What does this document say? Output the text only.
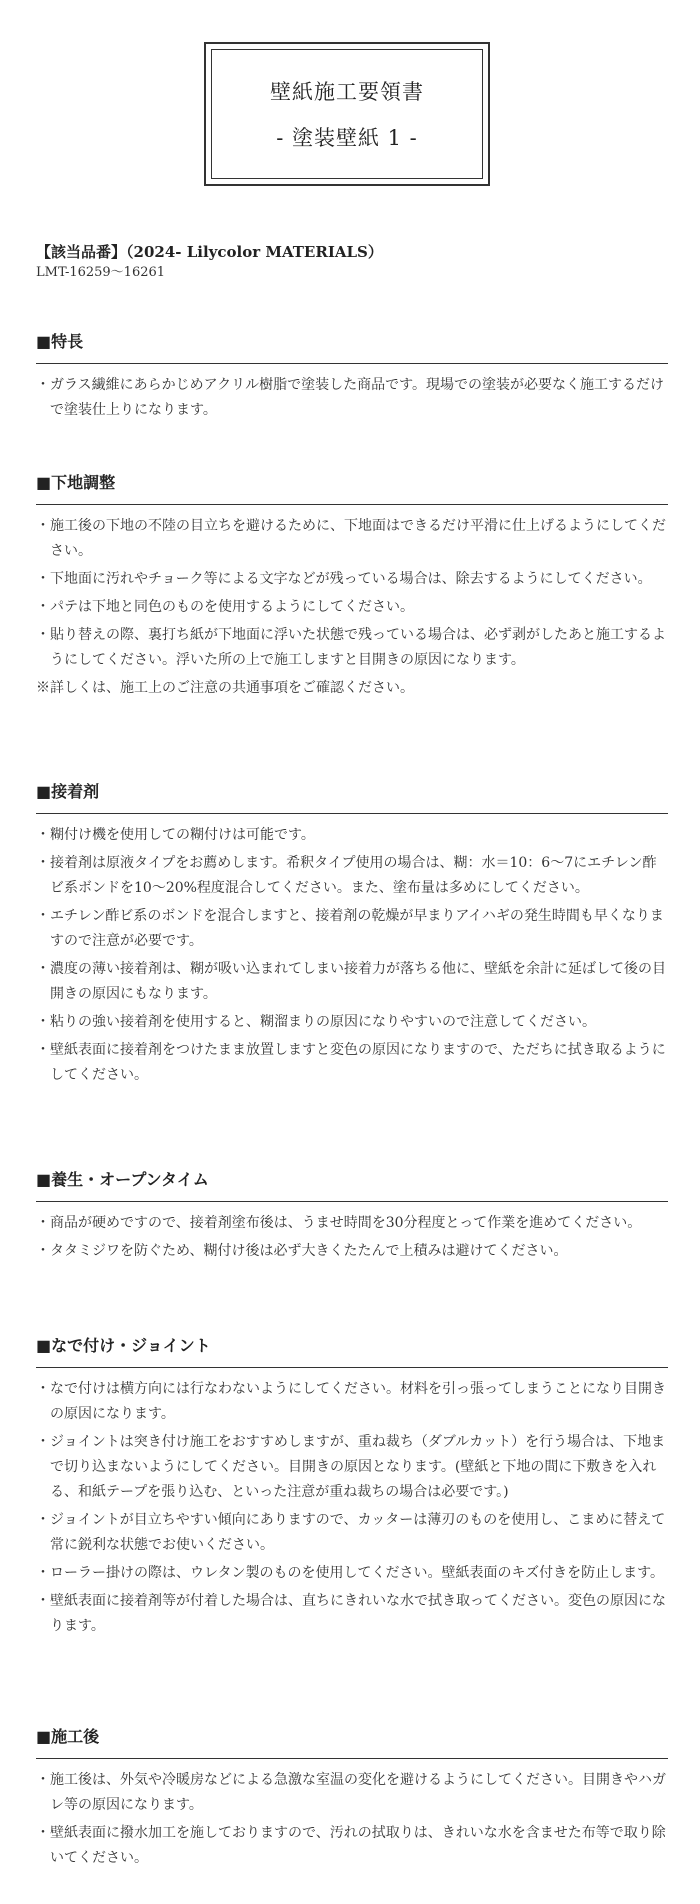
壁紙施工要領書
- 塗装壁紙 1 -
【該当品番】（2024- Lilycolor MATERIALS）
LMT-16259～16261
■特長
・ ガラス繊維にあらかじめアクリル樹脂で塗装した商品です。現場での塗装が必要なく施工するだけで塗装仕上りになります。
■下地調整
・ 施工後の下地の不陸の目立ちを避けるために、下地面はできるだけ平滑に仕上げるようにしてください。
・ 下地面に汚れやチョーク等による文字などが残っている場合は、除去するようにしてください。
・ パテは下地と同色のものを使用するようにしてください。
・ 貼り替えの際、裏打ち紙が下地面に浮いた状態で残っている場合は、必ず剥がしたあと施工するようにしてください。浮いた所の上で施工しますと目開きの原因になります。
※詳しくは、施工上のご注意の共通事項をご確認ください。
■接着剤
・ 糊付け機を使用しての糊付けは可能です。
・ 接着剤は原液タイプをお薦めします。希釈タイプ使用の場合は、糊：水＝10：6～7にエチレン酢ビ系ボンドを10～20%程度混合してください。また、塗布量は多めにしてください。
・ エチレン酢ビ系のボンドを混合しますと、接着剤の乾燥が早まりアイハギの発生時間も早くなりますので注意が必要です。
・ 濃度の薄い接着剤は、糊が吸い込まれてしまい接着力が落ちる他に、壁紙を余計に延ばして後の目開きの原因にもなります。
・ 粘りの強い接着剤を使用すると、糊溜まりの原因になりやすいので注意してください。
・ 壁紙表面に接着剤をつけたまま放置しますと変色の原因になりますので、ただちに拭き取るようにしてください。
■養生・オープンタイム
・ 商品が硬めですので、接着剤塗布後は、うませ時間を30分程度とって作業を進めてください。
・ タタミジワを防ぐため、糊付け後は必ず大きくたたんで上積みは避けてください。
■なで付け・ジョイント
・ なで付けは横方向には行なわないようにしてください。材料を引っ張ってしまうことになり目開きの原因になります。
・ ジョイントは突き付け施工をおすすめしますが、重ね裁ち（ダブルカット）を行う場合は、下地まで切り込まないようにしてください。目開きの原因となります。(壁紙と下地の間に下敷きを入れる、和紙テープを張り込む、といった注意が重ね裁ちの場合は必要です。)
・ ジョイントが目立ちやすい傾向にありますので、カッターは薄刃のものを使用し、こまめに替えて常に鋭利な状態でお使いください。
・ ローラー掛けの際は、ウレタン製のものを使用してください。壁紙表面のキズ付きを防止します。
・ 壁紙表面に接着剤等が付着した場合は、直ちにきれいな水で拭き取ってください。変色の原因になります。
■施工後
・ 施工後は、外気や冷暖房などによる急激な室温の変化を避けるようにしてください。目開きやハガレ等の原因になります。
・ 壁紙表面に撥水加工を施しておりますので、汚れの拭取りは、きれいな水を含ませた布等で取り除いてください。
